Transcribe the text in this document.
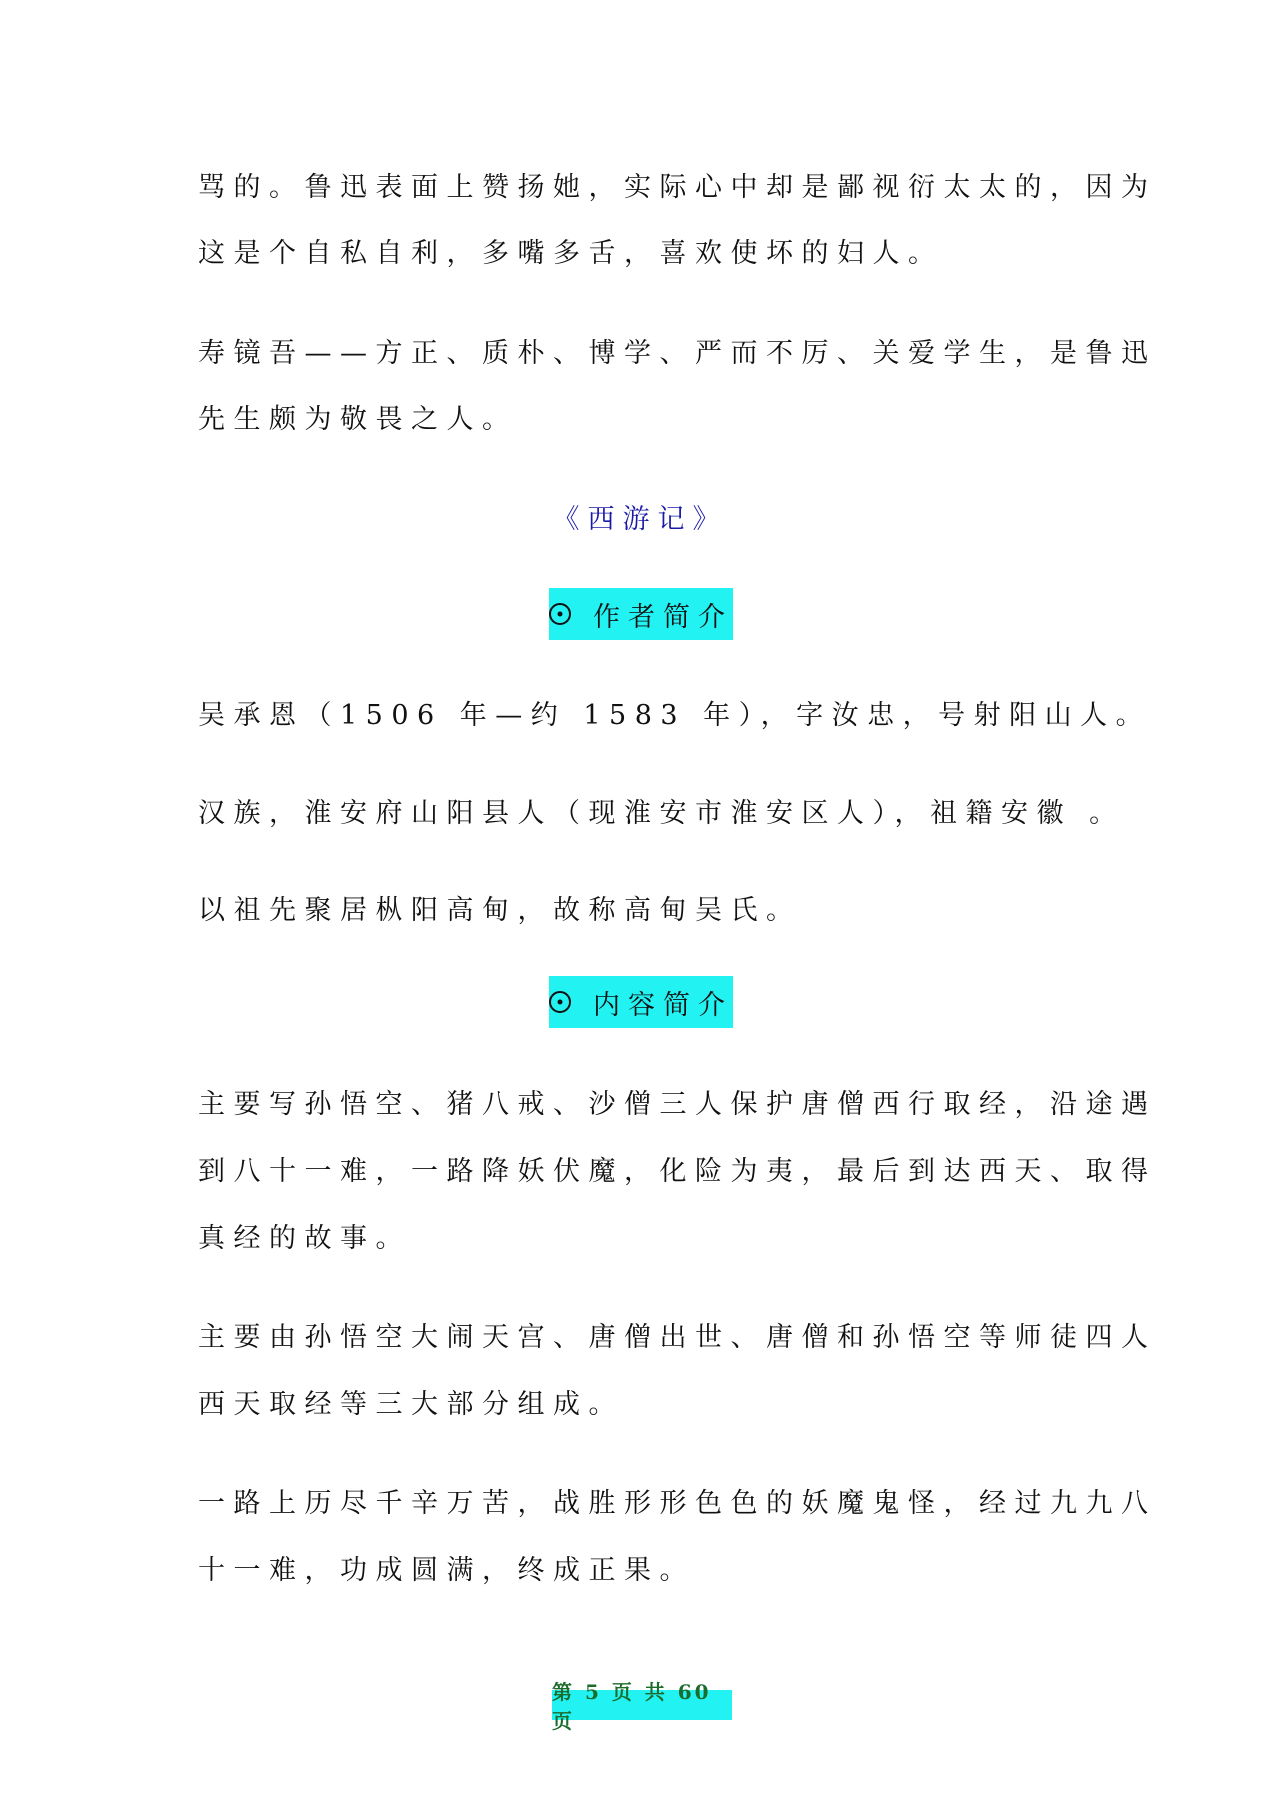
骂的。鲁迅表面上赞扬她，实际心中却是鄙视衍太太的，因为
这是个自私自利，多嘴多舌，喜欢使坏的妇人。
寿镜吾——方正、质朴、博学、严而不厉、关爱学生，是鲁迅
先生颇为敬畏之人。
《西游记》
作者简介
吴承恩（1506 年—约 1583 年），字汝忠，号射阳山人。
汉族，淮安府山阳县人（现淮安市淮安区人），祖籍安徽 。
以祖先聚居枞阳高甸，故称高甸吴氏。
内容简介
主要写孙悟空、猪八戒、沙僧三人保护唐僧西行取经，沿途遇
到八十一难，一路降妖伏魔，化险为夷，最后到达西天、取得
真经的故事。
主要由孙悟空大闹天宫、唐僧出世、唐僧和孙悟空等师徒四人
西天取经等三大部分组成。
一路上历尽千辛万苦，战胜形形色色的妖魔鬼怪，经过九九八
十一难，功成圆满，终成正果。
第 5 页 共 60 页
